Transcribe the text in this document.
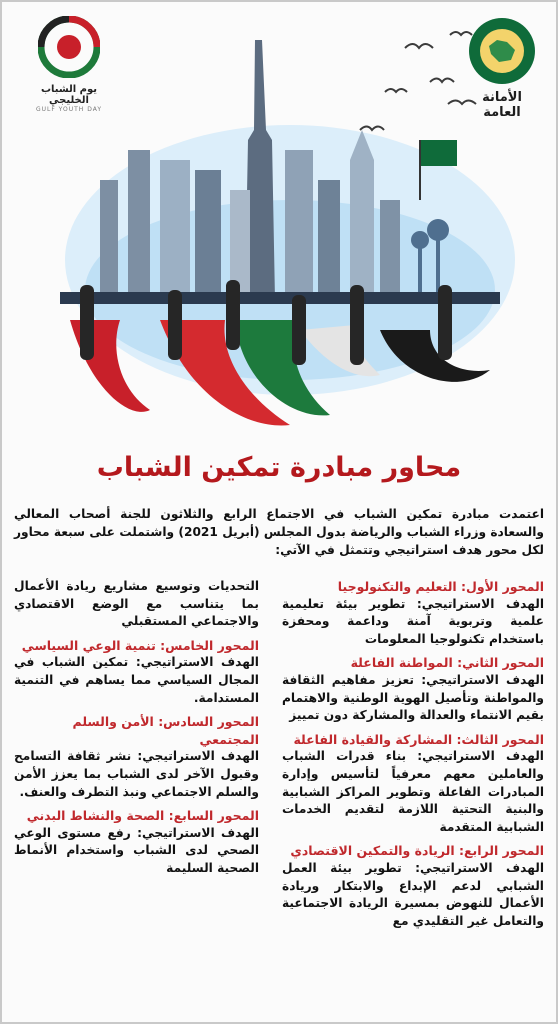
الأمانة العامة
يوم الشباب الخليجي
GULF YOUTH DAY
محاور مبادرة تمكين الشباب
اعتمدت مبادرة تمكين الشباب في الاجتماع الرابع والثلاثون للجنة أصحاب المعالي والسعادة وزراء الشباب والرياضة بدول المجلس (أبريل 2021) واشتملت على سبعة محاور لكل محور هدف استراتيجي وتتمثل في الآتي:
المحور الأول: التعليم والتكنولوجيا
الهدف الاستراتيجي: تطوير بيئة تعليمية علمية وتربوية آمنة وداعمة ومحفزة باستخدام تكنولوجيا المعلومات
المحور الثاني: المواطنة الفاعلة
الهدف الاستراتيجي: تعزيز مفاهيم الثقافة والمواطنة وتأصيل الهوية الوطنية والاهتمام بقيم الانتماء والعدالة والمشاركة دون تمييز
المحور الثالث: المشاركة والقيادة الفاعلة
الهدف الاستراتيجي: بناء قدرات الشباب والعاملين معهم معرفياً لتأسيس وإدارة المبادرات الفاعلة وتطوير المراكز الشبابية والبنية التحتية اللازمة لتقديم الخدمات الشبابية المتقدمة
المحور الرابع: الريادة والتمكين الاقتصادي
الهدف الاستراتيجي: تطوير بيئة العمل الشبابي لدعم الإبداع والابتكار وريادة الأعمال للنهوض بمسيرة الريادة الاجتماعية والتعامل غير التقليدي مع
التحديات وتوسيع مشاريع ريادة الأعمال بما يتناسب مع الوضع الاقتصادي والاجتماعي المستقبلي
المحور الخامس: تنمية الوعي السياسي
الهدف الاستراتيجي: تمكين الشباب في المجال السياسي مما يساهم في التنمية المستدامة.
المحور السادس: الأمن والسلم المجتمعي
الهدف الاستراتيجي: نشر ثقافة التسامح وقبول الآخر لدى الشباب بما يعزز الأمن والسلم الاجتماعي ونبذ التطرف والعنف.
المحور السابع: الصحة والنشاط البدني
الهدف الاستراتيجي: رفع مستوى الوعي الصحي لدى الشباب واستخدام الأنماط الصحية السليمة
